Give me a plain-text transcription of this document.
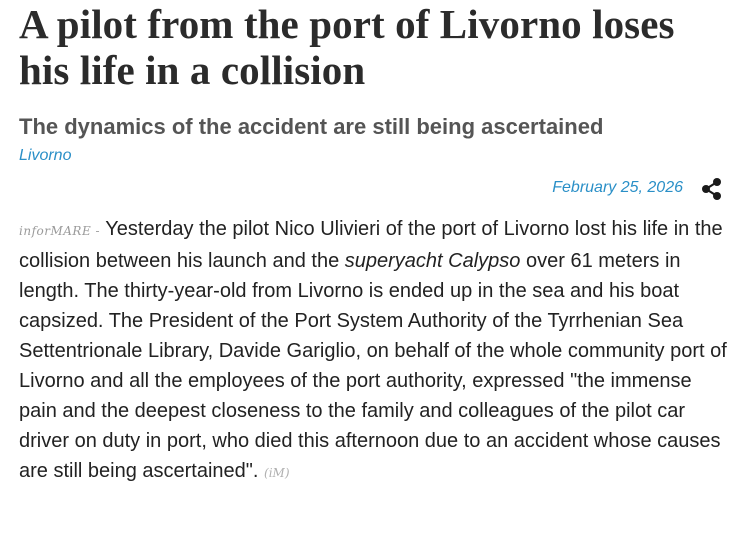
A pilot from the port of Livorno loses his life in a collision
The dynamics of the accident are still being ascertained
Livorno
February 25, 2026

inforMARE - Yesterday the pilot Nico Ulivieri of the port of Livorno lost his life in the collision between his launch and the superyacht Calypso over 61 meters in length. The thirty-year-old from Livorno is ended up in the sea and his boat capsized. The President of the Port System Authority of the Tyrrhenian Sea Settentrionale Library, Davide Gariglio, on behalf of the whole community port of Livorno and all the employees of the port authority, expressed "the immense pain and the deepest closeness to the family and colleagues of the pilot car driver on duty in port, who died this afternoon due to an accident whose causes are still being ascertained". (iM)
